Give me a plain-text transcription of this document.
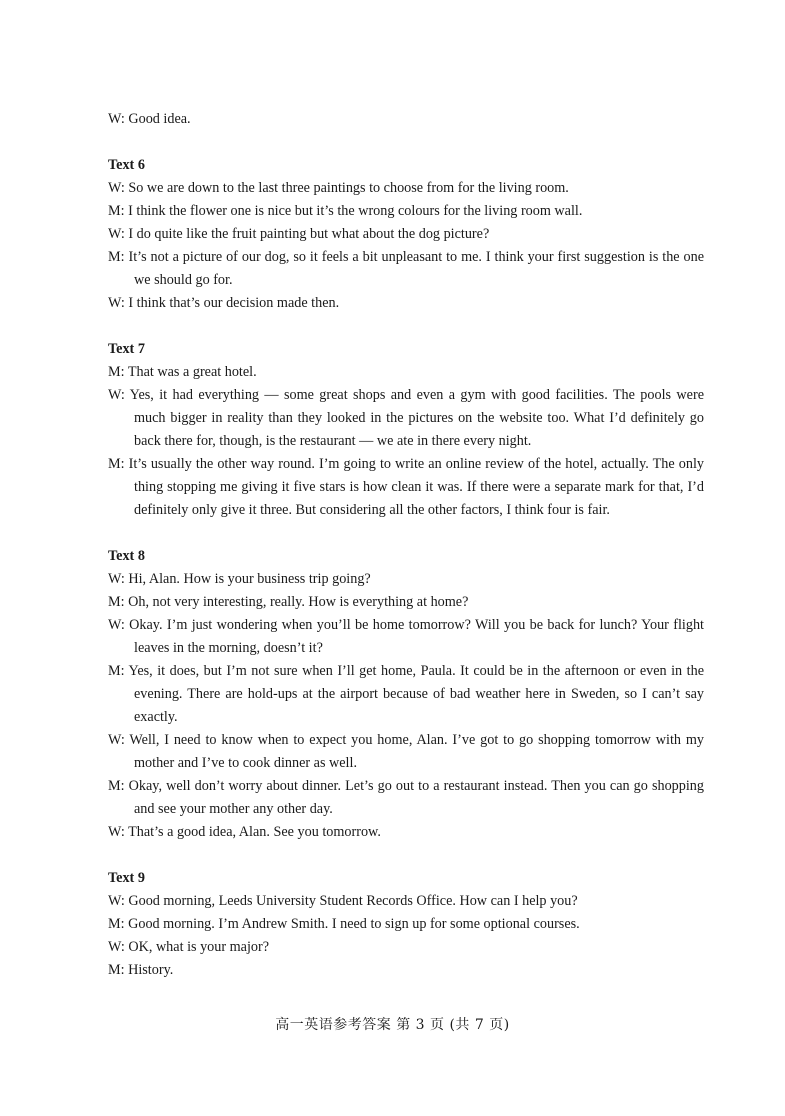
W: Good idea.

Text 6

W: So we are down to the last three paintings to choose from for the living room.

M: I think the flower one is nice but it’s the wrong colours for the living room wall.

W: I do quite like the fruit painting but what about the dog picture?

M: It’s not a picture of our dog, so it feels a bit unpleasant to me. I think your first suggestion is the one we should go for.

W: I think that’s our decision made then.

Text 7

M: That was a great hotel.

W: Yes, it had everything — some great shops and even a gym with good facilities. The pools were much bigger in reality than they looked in the pictures on the website too. What I’d definitely go back there for, though, is the restaurant — we ate in there every night.

M: It’s usually the other way round. I’m going to write an online review of the hotel, actually. The only thing stopping me giving it five stars is how clean it was. If there were a separate mark for that, I’d definitely only give it three. But considering all the other factors, I think four is fair.

Text 8

W: Hi, Alan. How is your business trip going?

M: Oh, not very interesting, really. How is everything at home?

W: Okay. I’m just wondering when you’ll be home tomorrow? Will you be back for lunch? Your flight leaves in the morning, doesn’t it?

M: Yes, it does, but I’m not sure when I’ll get home, Paula. It could be in the afternoon or even in the evening. There are hold-ups at the airport because of bad weather here in Sweden, so I can’t say exactly.

W: Well, I need to know when to expect you home, Alan. I’ve got to go shopping tomorrow with my mother and I’ve to cook dinner as well.

M: Okay, well don’t worry about dinner. Let’s go out to a restaurant instead. Then you can go shopping and see your mother any other day.

W: That’s a good idea, Alan. See you tomorrow.

Text 9

W: Good morning, Leeds University Student Records Office. How can I help you?

M: Good morning. I’m Andrew Smith. I need to sign up for some optional courses.

W: OK, what is your major?

M: History.

高一英语参考答案 第 3 页 (共 7 页)
